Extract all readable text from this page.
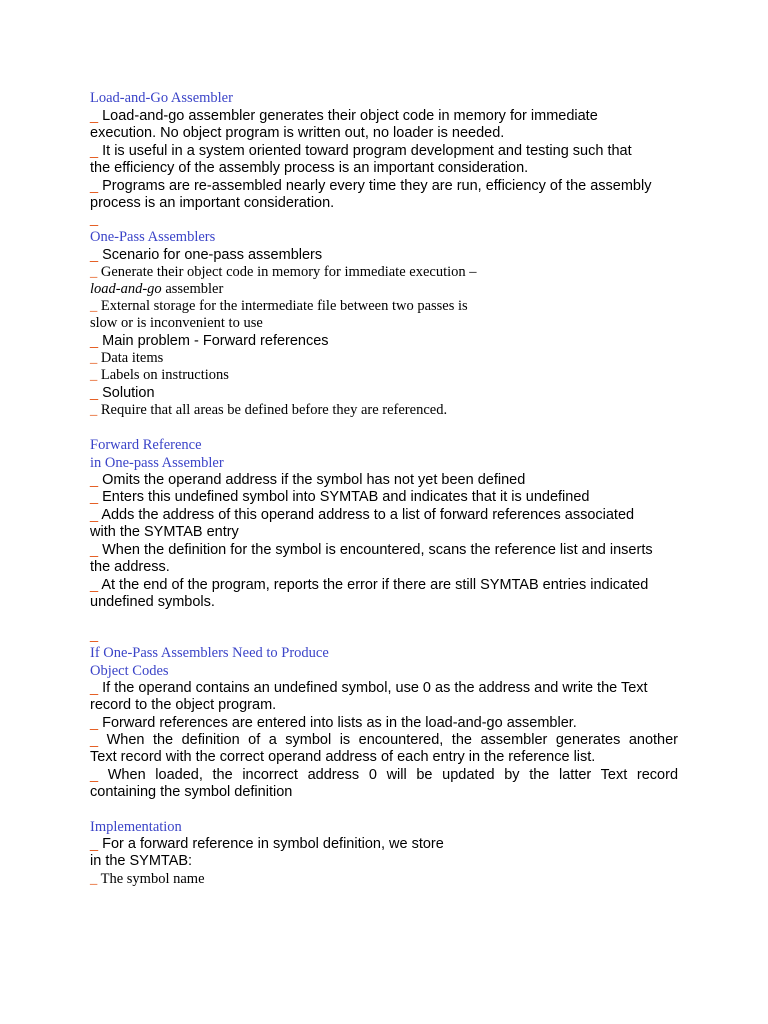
Load-and-Go Assembler
_ Load-and-go assembler generates their object code in memory for immediate
execution. No object program is written out, no loader is needed.
_ It is useful in a system oriented toward program development and testing such that
the efficiency of the assembly process is an important consideration.
_ Programs are re-assembled nearly every time they are run, efficiency of the assembly
process is an important consideration.
_
One-Pass Assemblers
_ Scenario for one-pass assemblers
_ Generate their object code in memory for immediate execution –
load-and-go assembler
_ External storage for the intermediate file between two passes is
slow or is inconvenient to use
_ Main problem - Forward references
_ Data items
_ Labels on instructions
_ Solution
_ Require that all areas be defined before they are referenced.
Forward Reference
in One-pass Assembler
_ Omits the operand address if the symbol has not yet been defined
_ Enters this undefined symbol into SYMTAB and indicates that it is undefined
_ Adds the address of this operand address to a list of forward references associated
with the SYMTAB entry
_ When the definition for the symbol is encountered, scans the reference list and inserts
the address.
_ At the end of the program, reports the error if there are still SYMTAB entries indicated
undefined symbols.
_
If One-Pass Assemblers Need to Produce
Object Codes
_ If the operand contains an undefined symbol, use 0 as the address and write the Text
record to the object program.
_ Forward references are entered into lists as in the load-and-go assembler.
_ When the definition of a symbol is encountered, the assembler generates another
Text record with the correct operand address of each entry in the reference list.
_ When loaded, the incorrect address 0 will be updated by the latter Text record
containing the symbol definition
Implementation
_ For a forward reference in symbol definition, we store
in the SYMTAB:
_ The symbol name
